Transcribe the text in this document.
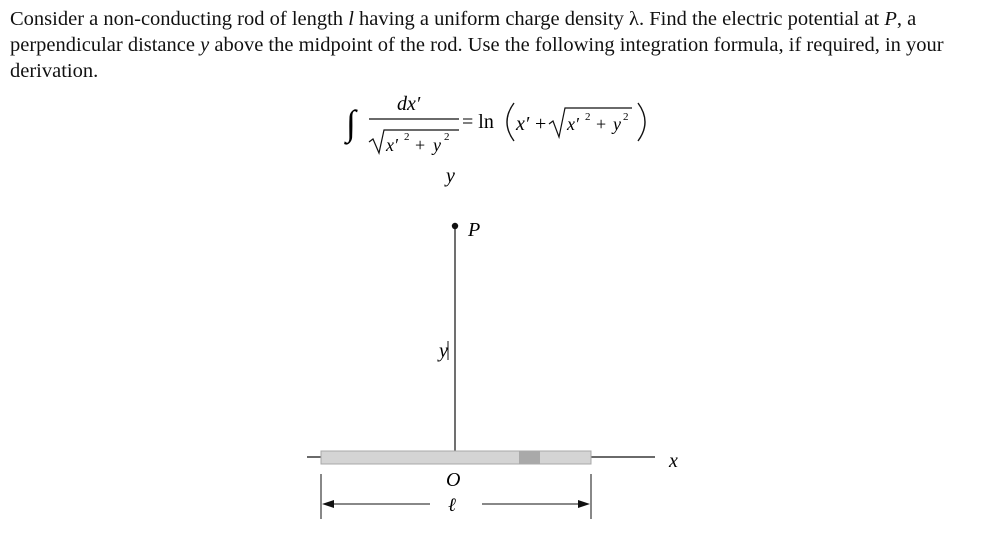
Consider a non-conducting rod of length l having a uniform charge density λ. Find the electric potential at P, a perpendicular distance y above the midpoint of the rod. Use the following integration formula, if required, in your derivation.
∫ dx′
x′ 2 + y 2
= ln x′ + x′ 2 + y 2
y
P
y
x
O
ℓ
